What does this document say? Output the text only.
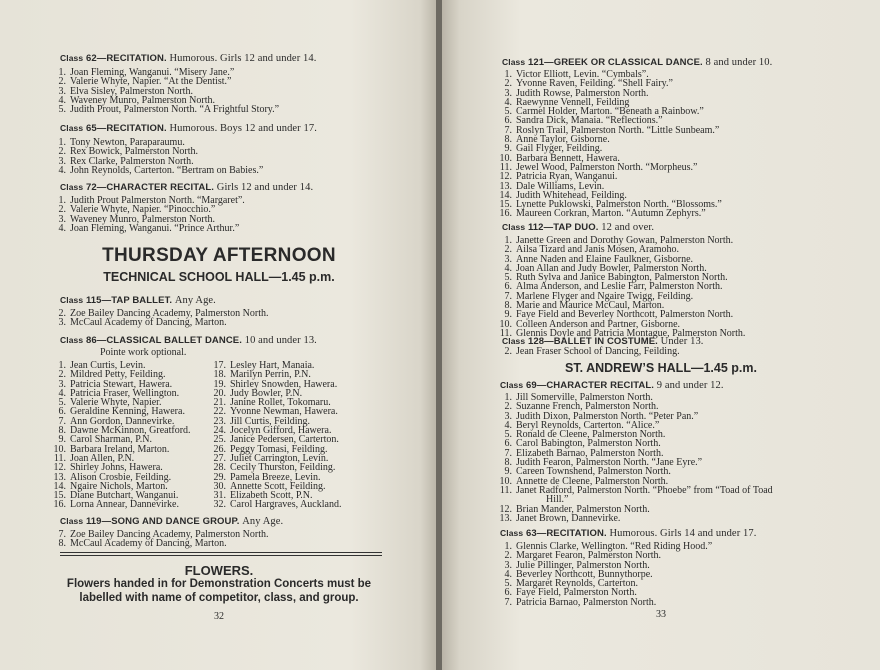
Class 62—RECITATION. Humorous. Girls 12 and under 14.
1. Joan Fleming, Wanganui. “Misery Jane.”
2. Valerie Whyte, Napier. “At the Dentist.”
3. Elva Sisley, Palmerston North.
4. Waveney Munro, Palmerston North.
5. Judith Prout, Palmerston North. “A Frightful Story.”
Class 65—RECITATION. Humorous. Boys 12 and under 17.
1. Tony Newton, Paraparaumu.
2. Rex Bowick, Palmerston North.
3. Rex Clarke, Palmerston North.
4. John Reynolds, Carterton. “Bertram on Babies.”
Class 72—CHARACTER RECITAL. Girls 12 and under 14.
1. Judith Prout Palmerston North. “Margaret”.
2. Valerie Whyte, Napier. “Pinocchio.”
3. Waveney Munro, Palmerston North.
4. Joan Fleming, Wanganui. “Prince Arthur.”
THURSDAY AFTERNOON
TECHNICAL SCHOOL HALL—1.45 p.m.
Class 115—TAP BALLET. Any Age.
2. Zoe Bailey Dancing Academy, Palmerston North.
3. McCaul Academy of Dancing, Marton.
Class 86—CLASSICAL BALLET DANCE. 10 and under 13.
Pointe work optional.
1. Jean Curtis, Levin.
2. Mildred Petty, Feilding.
3. Patricia Stewart, Hawera.
4. Patricia Fraser, Wellington.
5. Valerie Whyte, Napier.
6. Geraldine Kenning, Hawera.
7. Ann Gordon, Dannevirke.
8. Dawne McKinnon, Greatford.
9. Carol Sharman, P.N.
10. Barbara Ireland, Marton.
11. Joan Allen, P.N.
12. Shirley Johns, Hawera.
13. Alison Crosbie, Feilding.
14. Ngaire Nichols, Marton.
15. Diane Butchart, Wanganui.
16. Lorna Annear, Dannevirke.
17. Lesley Hart, Manaia.
18. Marilyn Perrin, P.N.
19. Shirley Snowden, Hawera.
20. Judy Bowler, P.N.
21. Janine Rollet, Tokomaru.
22. Yvonne Newman, Hawera.
23. Jill Curtis, Feilding.
24. Jocelyn Gifford, Hawera.
25. Janice Pedersen, Carterton.
26. Peggy Tomasi, Feilding.
27. Juliet Carrington, Levin.
28. Cecily Thurston, Feilding.
29. Pamela Breeze, Levin.
30. Annette Scott, Feilding.
31. Elizabeth Scott, P.N.
32. Carol Hargraves, Auckland.
Class 119—SONG AND DANCE GROUP. Any Age.
7. Zoe Bailey Dancing Academy, Palmerston North.
8. McCaul Academy of Dancing, Marton.
FLOWERS.
Flowers handed in for Demonstration Concerts must be
labelled with name of competitor, class, and group.
32
Class 121—GREEK OR CLASSICAL DANCE. 8 and under 10.
1. Victor Elliott, Levin. “Cymbals”.
2. Yvonne Raven, Feilding. “Shell Fairy.”
3. Judith Rowse, Palmerston North.
4. Raewynne Vennell, Feilding
5. Carmel Holder, Marton. “Beneath a Rainbow.”
6. Sandra Dick, Manaia. “Reflections.”
7. Roslyn Trail, Palmerston North. “Little Sunbeam.”
8. Anne Taylor, Gisborne.
9. Gail Flyger, Feilding.
10. Barbara Bennett, Hawera.
11. Jewel Wood, Palmerston North. “Morpheus.”
12. Patricia Ryan, Wanganui.
13. Dale Williams, Levin.
14. Judith Whitehead, Feilding.
15. Lynette Puklowski, Palmerston North. “Blossoms.”
16. Maureen Corkran, Marton. “Autumn Zephyrs.”
Class 112—TAP DUO. 12 and over.
1. Janette Green and Dorothy Gowan, Palmerston North.
2. Ailsa Tizard and Janis Mosen, Aramoho.
3. Anne Naden and Elaine Faulkner, Gisborne.
4. Joan Allan and Judy Bowler, Palmerston North.
5. Ruth Sylva and Janice Babington, Palmerston North.
6. Alma Anderson, and Leslie Farr, Palmerston North.
7. Marlene Flyger and Ngaire Twigg, Feilding.
8. Marie and Maurice McCaul, Marton.
9. Faye Field and Beverley Northcott, Palmerston North.
10. Colleen Anderson and Partner, Gisborne.
11. Glennis Doyle and Patricia Montague, Palmerston North.
Class 128—BALLET IN COSTUME. Under 13.
2. Jean Fraser School of Dancing, Feilding.
ST. ANDREW’S HALL—1.45 p.m.
Class 69—CHARACTER RECITAL. 9 and under 12.
1. Jill Somerville, Palmerston North.
2. Suzanne French, Palmerston North.
3. Judith Dixon, Palmerston North. “Peter Pan.”
4. Beryl Reynolds, Carterton. “Alice.”
5. Ronald de Cleene, Palmerston North.
6. Carol Babington, Palmerston North.
7. Elizabeth Barnao, Palmerston North.
8. Judith Fearon, Palmerston North. “Jane Eyre.”
9. Careen Townshend, Palmerston North.
10. Annette de Cleene, Palmerston North.
11. Janet Radford, Palmerston North. “Phoebe” from “Toad of Toad
Hill.”
12. Brian Mander, Palmerston North.
13. Janet Brown, Dannevirke.
Class 63—RECITATION. Humorous. Girls 14 and under 17.
1. Glennis Clarke, Wellington. “Red Riding Hood.”
2. Margaret Fearon, Palmerston North.
3. Julie Pillinger, Palmerston North.
4. Beverley Northcott, Bunnythorpe.
5. Margaret Reynolds, Carterton.
6. Faye Field, Palmerston North.
7. Patricia Barnao, Palmerston North.
33
